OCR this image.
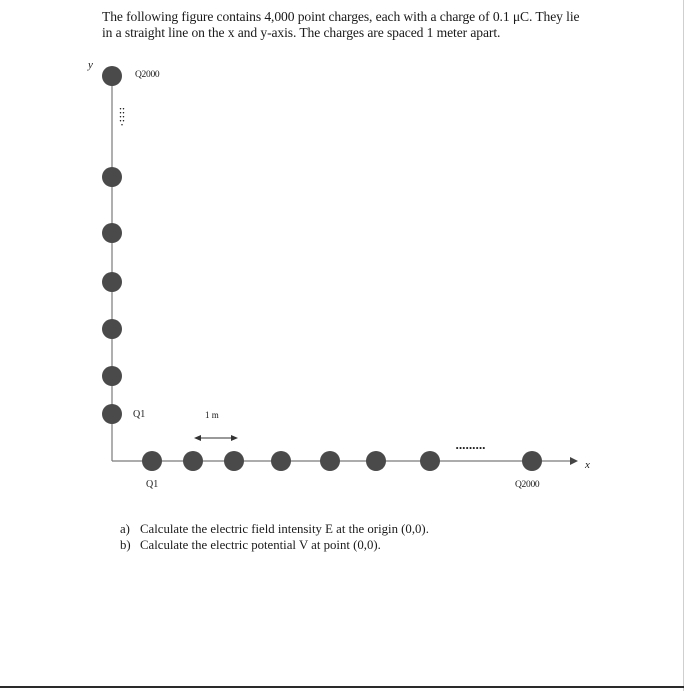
The following figure contains 4,000 point charges, each with a charge of 0.1 μC. They lie
in a straight line on the x and y-axis. The charges are spaced 1 meter apart.
·········
·········
y
x
Q2000
Q1	1 m
Q1	Q2000
a) Calculate the electric field intensity E at the origin (0,0).
b) Calculate the electric potential V at point (0,0).
